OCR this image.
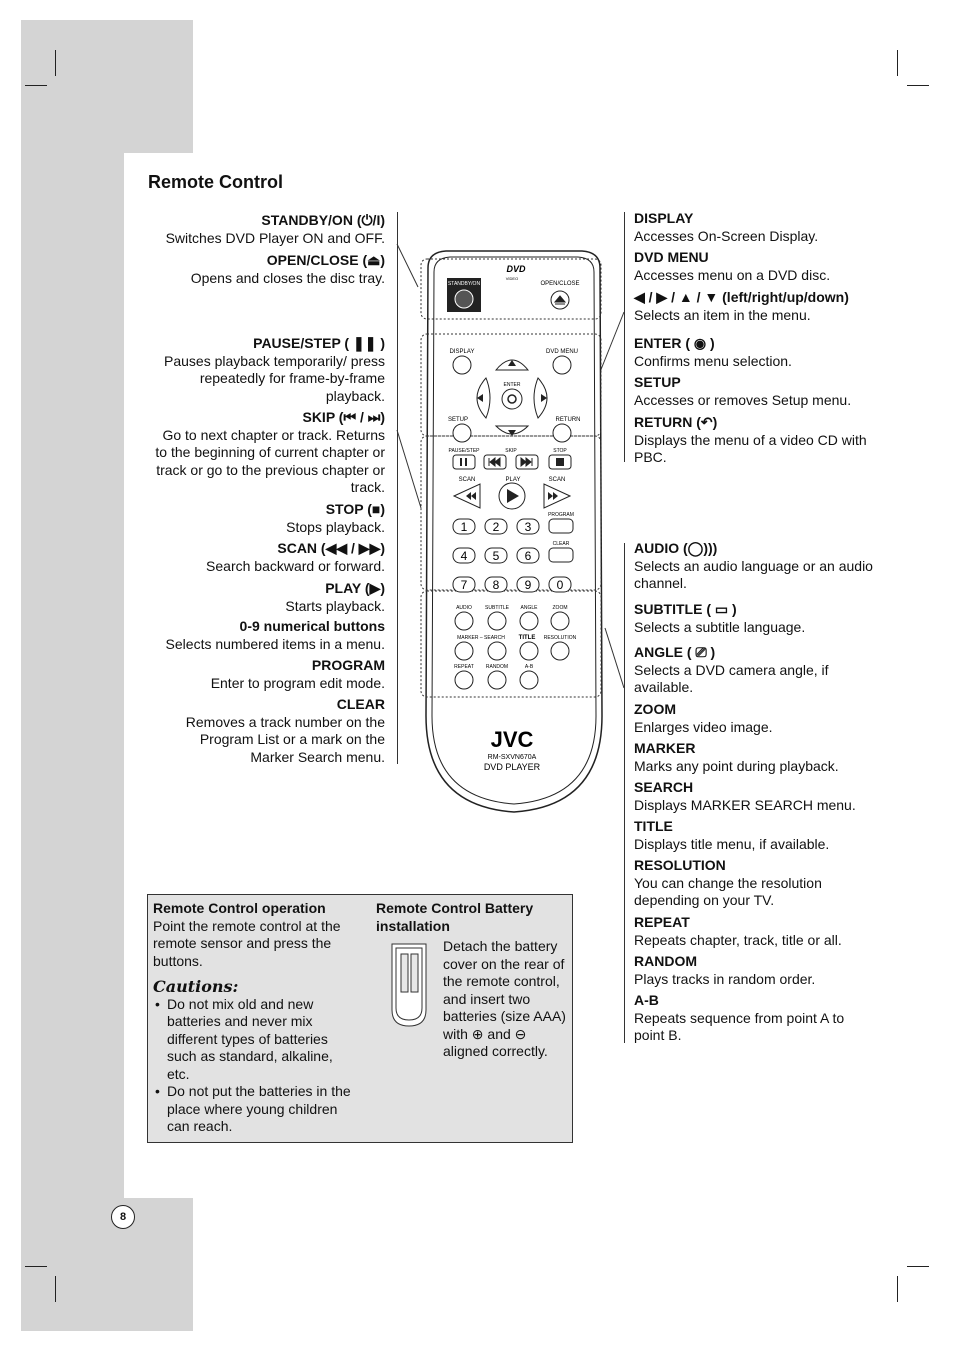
Remote Control
STANDBY/ON (⏻/I)
Switches DVD Player ON and OFF.
OPEN/CLOSE (⏏)
Opens and closes the disc tray.
PAUSE/STEP ( ❚❚ )
Pauses playback temporarily/ press repeatedly for frame-by-frame playback.
SKIP (⏮ / ⏭)
Go to next chapter or track. Returns to the beginning of current chapter or track or go to the previous chapter or track.
STOP (■)
Stops playback.
SCAN (◀◀ / ▶▶)
Search backward or forward.
PLAY (▶)
Starts playback.
0-9 numerical buttons
Selects numbered items in a menu.
PROGRAM
Enter to program edit mode.
CLEAR
Removes a track number on the Program List or a mark on the Marker Search menu.
DISPLAY
Accesses On-Screen Display.
DVD MENU
Accesses menu on a DVD disc.
◀ / ▶ / ▲ / ▼ (left/right/up/down)
Selects an item in the menu.
ENTER ( ◉ )
Confirms menu selection.
SETUP
Accesses or removes Setup menu.
RETURN (↶)
Displays the menu of a video CD with PBC.
AUDIO (◯)))
Selects an audio language or an audio channel.
SUBTITLE ( ▭ )
Selects a subtitle language.
ANGLE ( ⎚ )
Selects a DVD camera angle, if available.
ZOOM
Enlarges video image.
MARKER
Marks any point during playback.
SEARCH
Displays MARKER SEARCH menu.
TITLE
Displays title menu, if available.
RESOLUTION
You can change the resolution depending on your TV.
REPEAT
Repeats chapter, track, title or all.
RANDOM
Plays tracks in random order.
A-B
Repeats sequence from point A to point B.
STANDBY/ON
DVD
VIDEO
OPEN/CLOSE
DISPLAY	DVD MENU
ENTER
SETUP	RETURN
PAUSE/STEP	SKIP	STOP
SCAN	PLAY	SCAN
PROGRAM
CLEAR
1 2 3
4 5 6
7 8 9 0
AUDIO	SUBTITLE ANGLE	ZOOM
MARKER – SEARCH TITLE RESOLUTION
REPEAT RANDOM	A-B
JVC
RM-SXVN670A
DVD PLAYER
Remote Control operation
Point the remote control at the remote sensor and press the buttons.
Cautions:
• Do not mix old and new batteries and never mix different types of batteries such as standard, alkaline, etc.
• Do not put the batteries in the place where young children can reach.
Remote Control Battery installation
Detach the battery cover on the rear of the remote control, and insert two batteries (size AAA) with ⊕ and ⊖ aligned correctly.
8
